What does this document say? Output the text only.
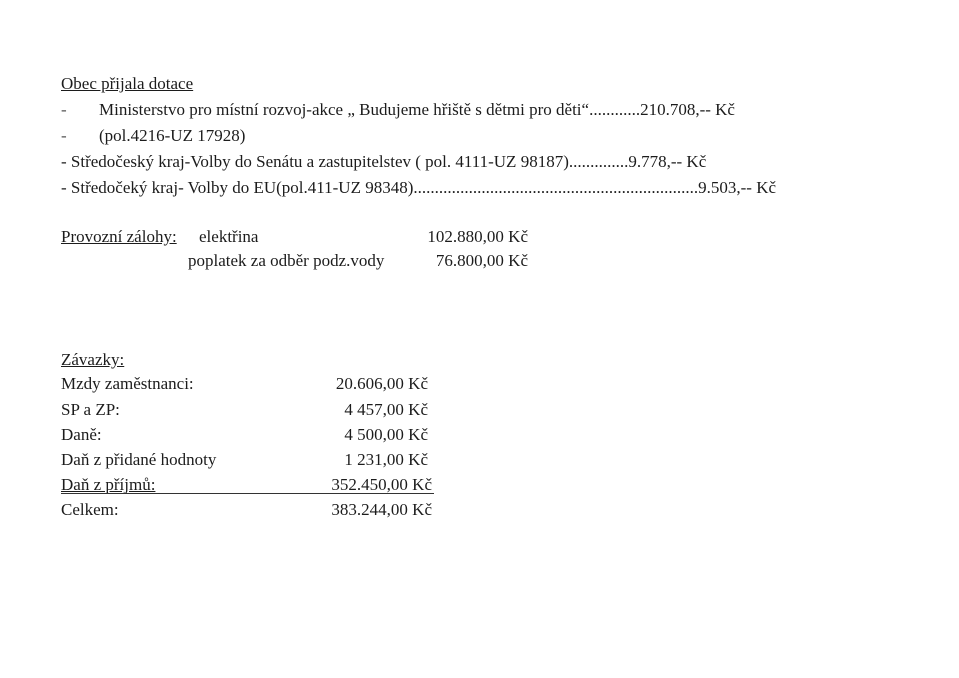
Obec přijala dotace
- Ministerstvo pro místní rozvoj-akce „ Budujeme hřiště s dětmi pro děti“............210.708,-- Kč
- (pol.4216-UZ 17928)
- Středočeský kraj-Volby do Senátu a zastupitelstev ( pol. 4111-UZ 98187)..............9.778,-- Kč
- Středočeký kraj- Volby do EU(pol.411-UZ 98348)...................................................................9.503,-- Kč
Provozní zálohy: elektřina	102.880,00 Kč
poplatek za odběr podz.vody	76.800,00 Kč
Závazky:
Mzdy zaměstnanci:	20.606,00 Kč
SP a ZP:	4 457,00 Kč
Daně:	4 500,00 Kč
Daň z přidané hodnoty	1 231,00 Kč
Daň z příjmů:	352.450,00 Kč
Celkem:	383.244,00 Kč
